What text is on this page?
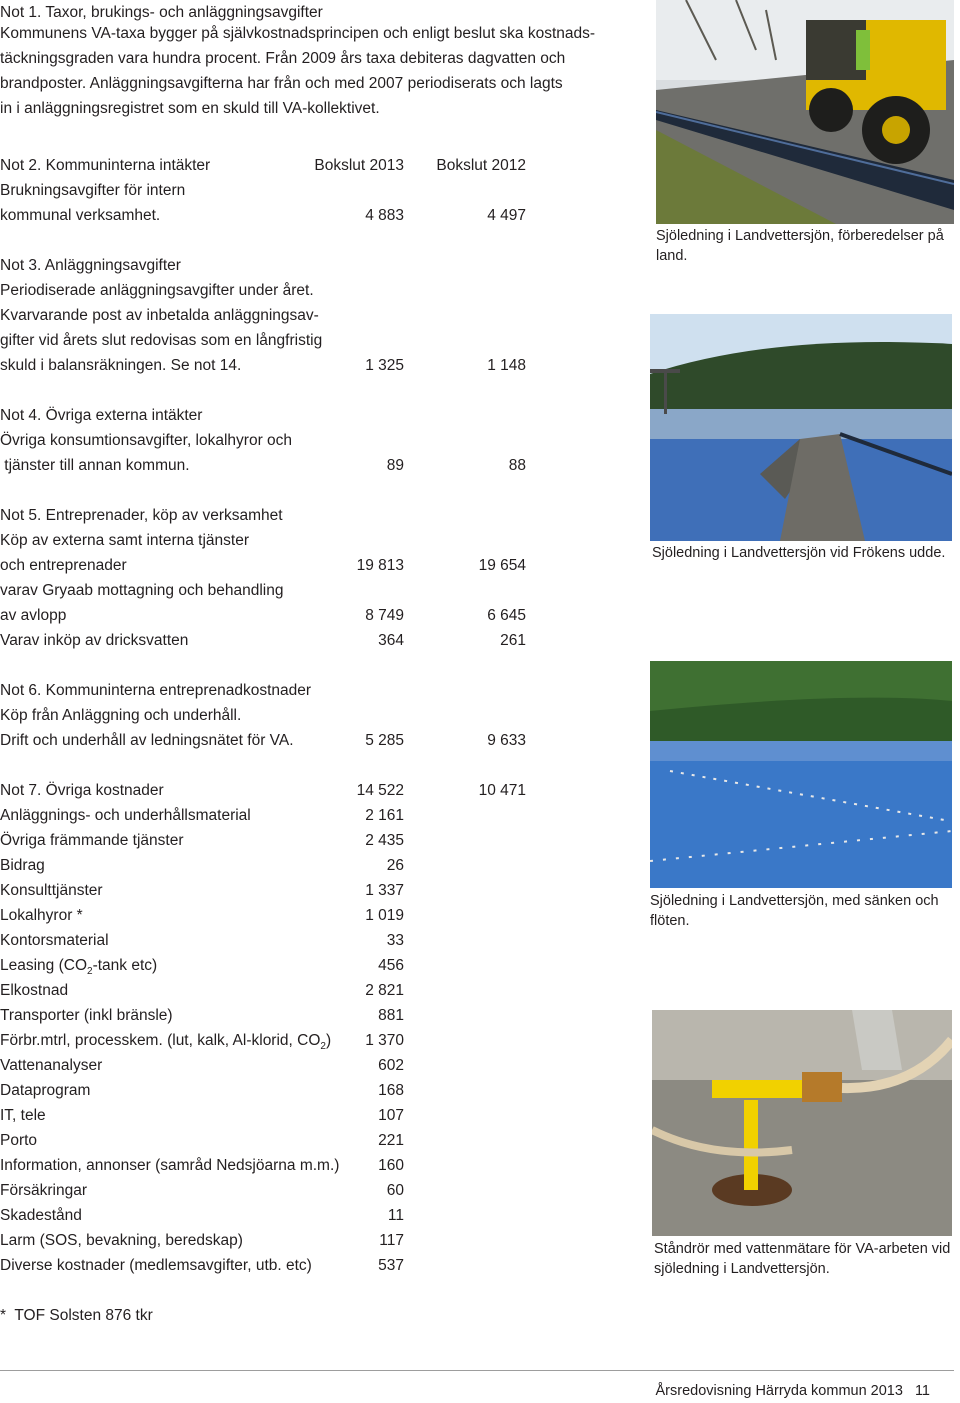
Not 1. Taxor, brukings- och anläggningsavgifter
Kommunens VA-taxa bygger på självkostnadsprincipen och enligt beslut ska kostnads-
täckningsgraden vara hundra procent. Från 2009 års taxa debiteras dagvatten och
brandposter. Anläggningsavgifterna har från och med 2007 periodiserats och lagts
in i anläggningsregistret som en skuld till VA-kollektivet.
Not 2. Kommuninterna intäkter	Bokslut 2013 Bokslut 2012
Brukningsavgifter för intern
kommunal verksamhet.	4 883	4 497
Not 3. Anläggningsavgifter
Periodiserade anläggningsavgifter under året.
Kvarvarande post av inbetalda anläggningsav-
gifter vid årets slut redovisas som en långfristig
skuld i balansräkningen. Se not 14.	1 325	1 148
Not 4. Övriga externa intäkter
Övriga konsumtionsavgifter, lokalhyror och
tjänster till annan kommun.	89	88
Not 5. Entreprenader, köp av verksamhet
Köp av externa samt interna tjänster
och entreprenader	19 813	19 654
varav Gryaab mottagning och behandling
av avlopp	8 749	6 645
Varav inköp av dricksvatten	364	261
Not 6. Kommuninterna entreprenadkostnader
Köp från Anläggning och underhåll.
Drift och underhåll av ledningsnätet för VA.	5 285	9 633
Not 7. Övriga kostnader	14 522	10 471
Anläggnings- och underhållsmaterial	2 161
Övriga främmande tjänster	2 435
Bidrag	26
Konsulttjänster	1 337
Lokalhyror *	1 019
Kontorsmaterial	33
Leasing ($CO_2$-tank etc)	456
Elkostnad	2 821
Transporter (inkl bränsle)	881
Förbr.mtrl, processkem. (lut, kalk, Al-klorid, $CO_2$) 1 370
Vattenanalyser	602
Dataprogram	168
IT, tele	107
Porto	221
Information, annonser (samråd Nedsjöarna m.m.) 160
Försäkringar	60
Skadestånd	11
Larm (SOS, bevakning, beredskap)	117
Diverse kostnader (medlemsavgifter, utb. etc)	537
*  TOF Solsten 876 tkr
Sjöledning i Landvettersjön, förberedelser på land.
Sjöledning i Landvettersjön vid Frökens udde.
Sjöledning i Landvettersjön, med sänken och flöten.
Ståndrör med vattenmätare för VA-arbeten vid sjöledning i Landvettersjön.
Årsredovisning Härryda kommun 2013 11
